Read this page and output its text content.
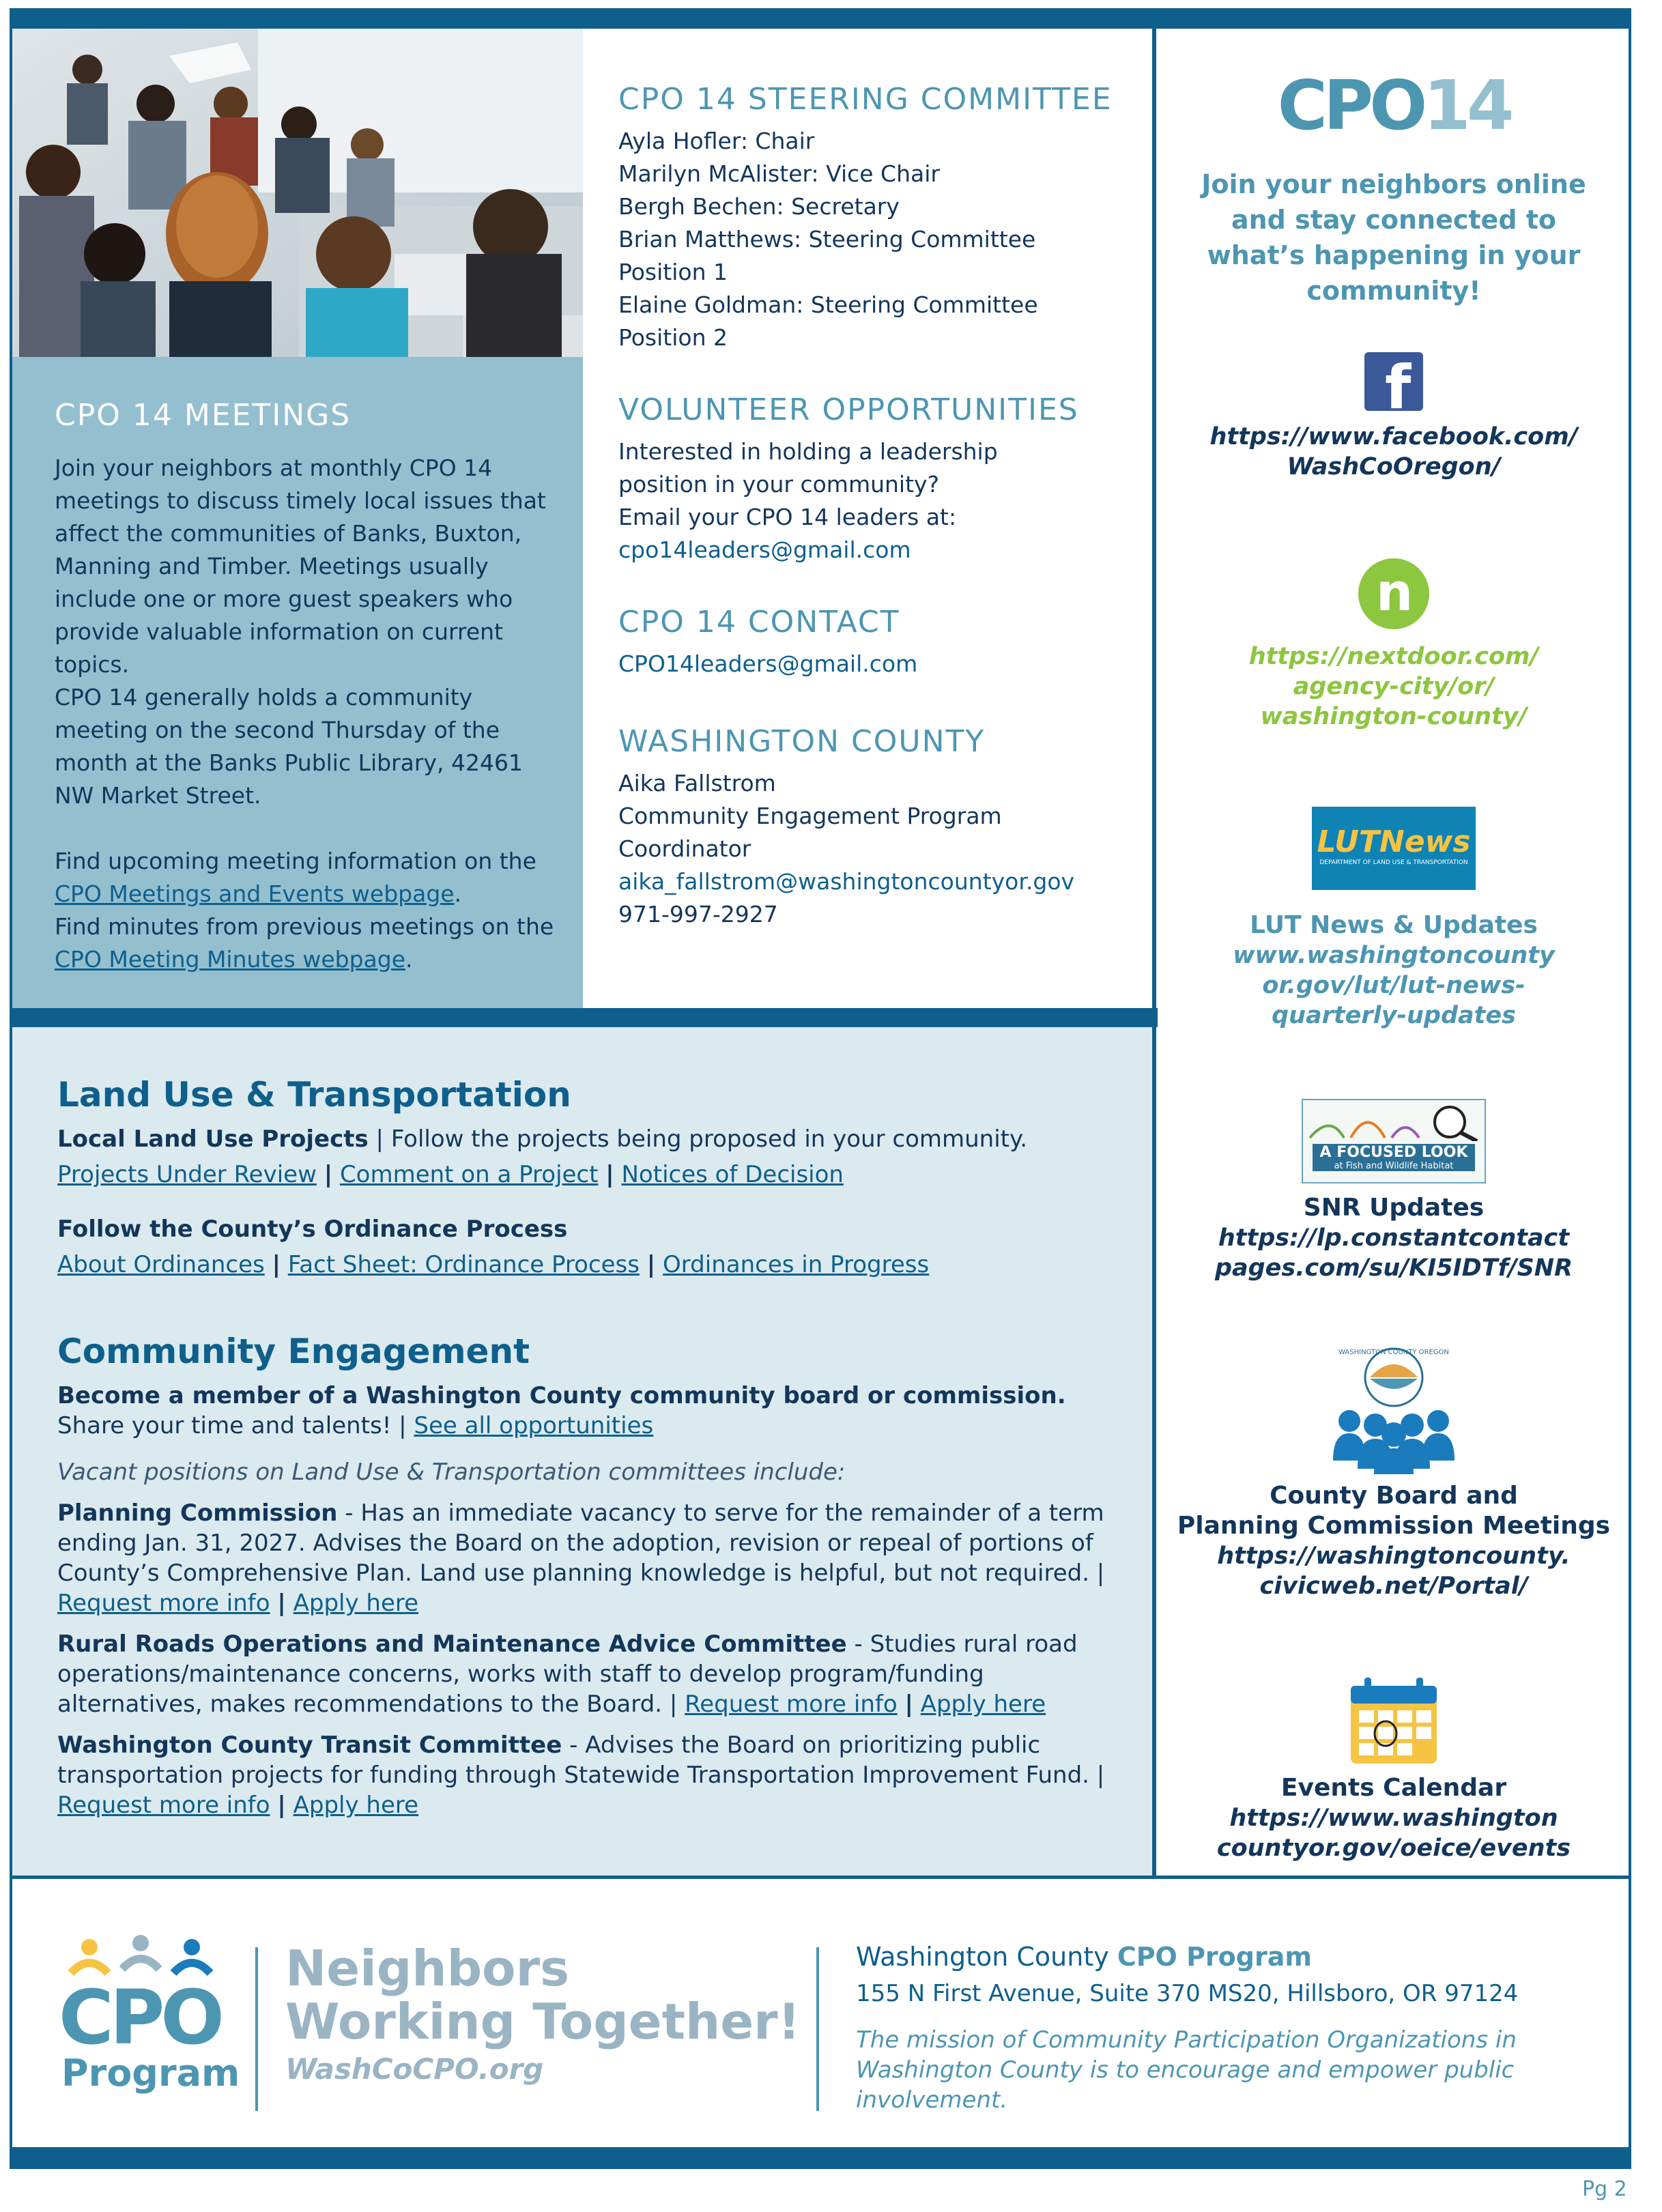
CPO 14 MEETINGS

Join your neighbors at monthly CPO 14 meetings to discuss timely local issues that affect the communities of Banks, Buxton, Manning and Timber. Meetings usually include one or more guest speakers who provide valuable information on current topics.

CPO 14 generally holds a community meeting on the second Thursday of the month at the Banks Public Library, 42461 NW Market Street.

Find upcoming meeting information on the CPO Meetings and Events webpage.

Find minutes from previous meetings on the CPO Meeting Minutes webpage.

CPO 14 STEERING COMMITTEE

Ayla Hofler: Chair

Marilyn McAlister: Vice Chair

Bergh Bechen: Secretary

Brian Matthews: Steering Committee

Position 1

Elaine Goldman: Steering Committee

Position 2

VOLUNTEER OPPORTUNITIES

Interested in holding a leadership

position in your community?

Email your CPO 14 leaders at:

cpo14leaders@gmail.com

CPO 14 CONTACT

CPO14leaders@gmail.com

WASHINGTON COUNTY

Aika Fallstrom

Community Engagement Program

Coordinator

aika_fallstrom@washingtoncountyor.gov

971-997-2927

Land Use & Transportation

Local Land Use Projects | Follow the projects being proposed in your community.

Projects Under Review | Comment on a Project | Notices of Decision

Follow the County’s Ordinance Process

About Ordinances | Fact Sheet: Ordinance Process | Ordinances in Progress

Community Engagement

Become a member of a Washington County community board or commission.

Share your time and talents! | See all opportunities

Vacant positions on Land Use & Transportation committees include:

Planning Commission - Has an immediate vacancy to serve for the remainder of a term ending Jan. 31, 2027. Advises the Board on the adoption, revision or repeal of portions of County’s Comprehensive Plan. Land use planning knowledge is helpful, but not required. | Request more info | Apply here

Rural Roads Operations and Maintenance Advice Committee - Studies rural road operations/maintenance concerns, works with staff to develop program/funding alternatives, makes recommendations to the Board. | Request more info | Apply here

Washington County Transit Committee - Advises the Board on prioritizing public transportation projects for funding through Statewide Transportation Improvement Fund. | Request more info | Apply here

CPO14
Join your neighbors online and stay connected to what’s happening in your community!
f
https://www.facebook.com/
WashCoOregon/
n
https://nextdoor.com/
agency-city/or/
washington-county/
LUTNews
DEPARTMENT OF LAND USE & TRANSPORTATION
LUT News & Updates
www.washingtoncounty
or.gov/lut/lut-news-
quarterly-updates
A FOCUSED LOOK
at Fish and Wildlife Habitat
SNR Updates
https://lp.constantcontact
pages.com/su/KI5IDTf/SNR
WASHINGTON COUNTY OREGON
County Board and
Planning Commission Meetings
https://washingtoncounty.
civicweb.net/Portal/
Events Calendar
https://www.washington
countyor.gov/oeice/events
CPO
Program
Neighbors
Working Together!
WashCoCPO.org
Washington County CPO Program
155 N First Avenue, Suite 370 MS20, Hillsboro, OR 97124
The mission of Community Participation Organizations in Washington County is to encourage and empower public involvement.
Pg 2
